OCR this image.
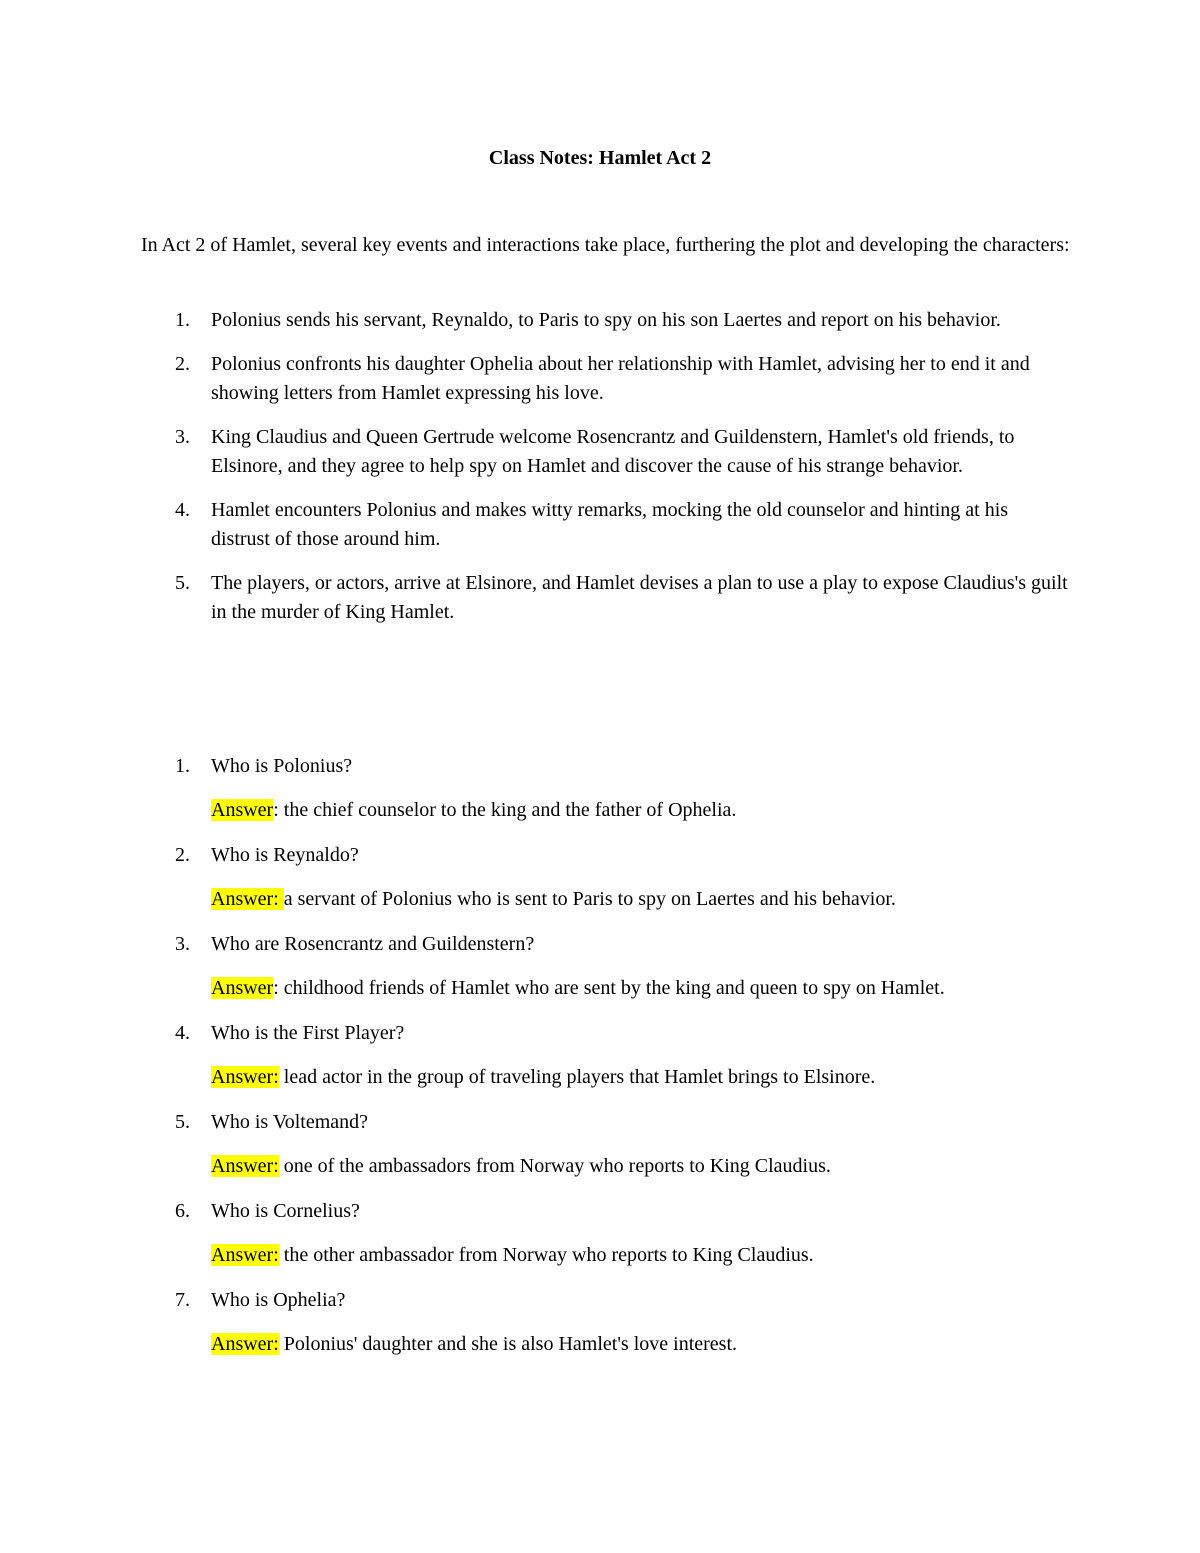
Class Notes: Hamlet Act 2
In Act 2 of Hamlet, several key events and interactions take place, furthering the plot and developing the characters:
1. Polonius sends his servant, Reynaldo, to Paris to spy on his son Laertes and report on his behavior.
2. Polonius confronts his daughter Ophelia about her relationship with Hamlet, advising her to end it and showing letters from Hamlet expressing his love.
3. King Claudius and Queen Gertrude welcome Rosencrantz and Guildenstern, Hamlet's old friends, to Elsinore, and they agree to help spy on Hamlet and discover the cause of his strange behavior.
4. Hamlet encounters Polonius and makes witty remarks, mocking the old counselor and hinting at his distrust of those around him.
5. The players, or actors, arrive at Elsinore, and Hamlet devises a plan to use a play to expose Claudius's guilt in the murder of King Hamlet.
1. Who is Polonius?
Answer: the chief counselor to the king and the father of Ophelia.
2. Who is Reynaldo?
Answer: a servant of Polonius who is sent to Paris to spy on Laertes and his behavior.
3. Who are Rosencrantz and Guildenstern?
Answer: childhood friends of Hamlet who are sent by the king and queen to spy on Hamlet.
4. Who is the First Player?
Answer: lead actor in the group of traveling players that Hamlet brings to Elsinore.
5. Who is Voltemand?
Answer: one of the ambassadors from Norway who reports to King Claudius.
6. Who is Cornelius?
Answer: the other ambassador from Norway who reports to King Claudius.
7. Who is Ophelia?
Answer: Polonius' daughter and she is also Hamlet's love interest.
